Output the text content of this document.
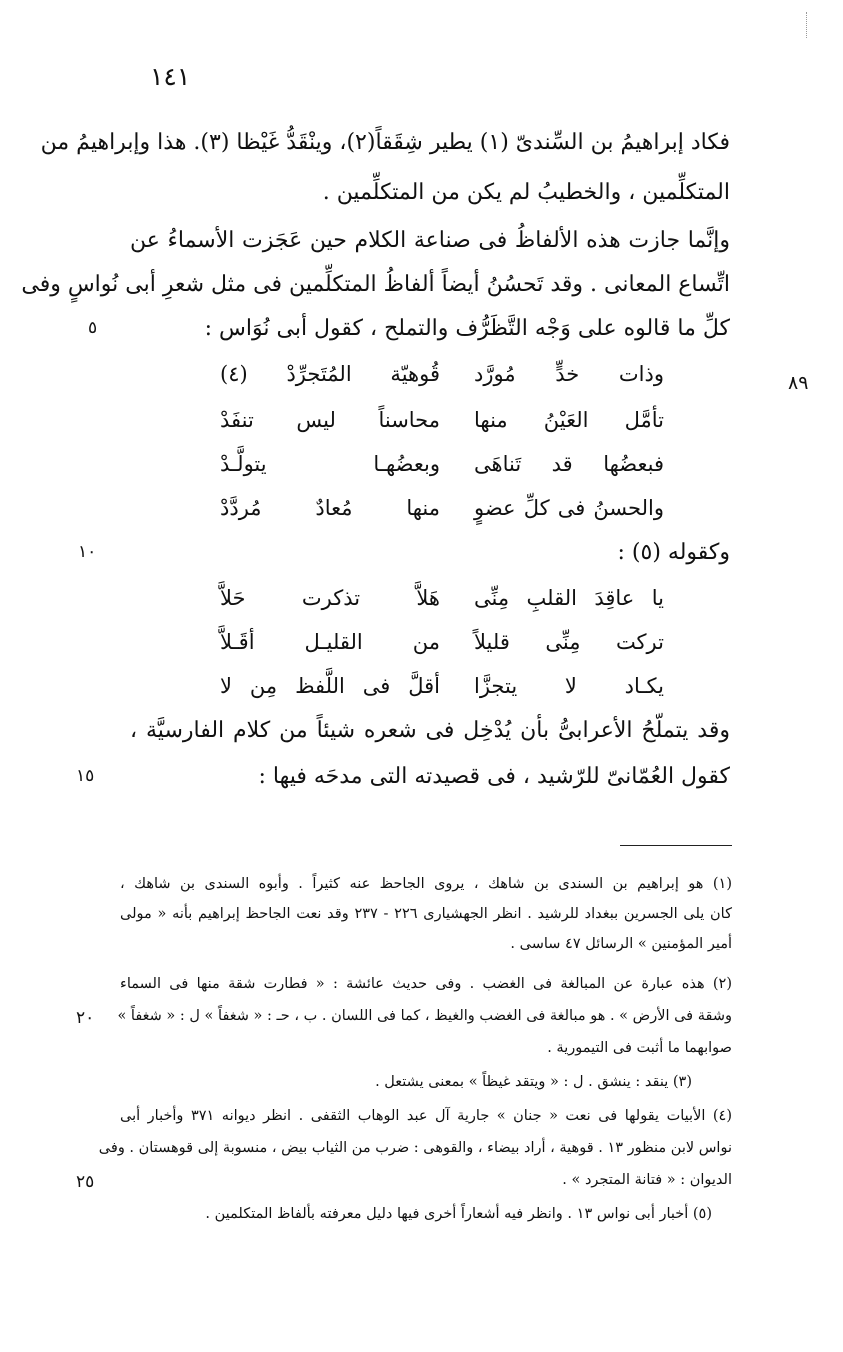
١٤١
٨٩
٥
١٠
١٥
٢٠
٢٥
فكاد إبراهيمُ بن السِّندىّ (١) يطير شِقَقاً(٢)، وينْقَدُّ غَيْظا (٣). هذا وإبراهيمُ من
المتكلِّمين ، والخطيبُ لم يكن من المتكلِّمين .
وإنَّما جازت هذه الألفاظُ فى صناعة الكلام حين عَجَزت الأسماءُ عن
اتِّساع المعانى . وقد تَحسُنُ أيضاً ألفاظُ المتكلِّمين فى مثل شعرِ أبى نُواسٍ وفى
كلِّ ما قالوه على وَجْه التَّظَرُّف والتملح ، كقول أبى نُوَاس :
وذات خدٍّ مُورَّد
قُوهيّة المُتَجرِّدْ (٤)
تأمَّل العَيْنُ منها
محاسناً ليس تنفَدْ
فبعضُها قد تَناهَى
وبعضُهـا يتولَّـدْ
والحسنُ فى كلِّ عضوٍ
منها مُعادٌ مُردَّدْ
وكقوله (٥) :
يا عاقِدَ القلبِ مِنِّى
هَلاَّ تذكرت حَلاَّ
تركت مِنِّى قليلاً
من القليـل أقَـلاَّ
يكـاد لا يتجزَّا
أقلَّ فى اللَّفظ مِن لا
وقد يتملّحُ الأعرابىُّ بأن يُدْخِل فى شعره شيئاً من كلام الفارسيَّة ،
كقول العُمّانىّ للرّشيد ، فى قصيدته التى مدحَه فيها :
(١) هو إبراهيم بن السندى بن شاهك ، يروى الجاحظ عنه كثيراً . وأبوه السندى بن شاهك ،
كان يلى الجسرين ببغداد للرشيد . انظر الجهشيارى ٢٢٦ - ٢٣٧ وقد نعت الجاحظ إبراهيم بأنه « مولى
أمير المؤمنين » الرسائل ٤٧ ساسى .
(٢) هذه عبارة عن المبالغة فى الغضب . وفى حديث عائشة : « فطارت شقة منها فى السماء
وشقة فى الأرض » . هو مبالغة فى الغضب والغيظ ، كما فى اللسان . ب ، حـ : « شغفاً » ل : « شغفاً »
صوابهما ما أثبت فى التيمورية .
(٣) ينقد : ينشق . ل : « ويتقد غيظاً » بمعنى يشتعل .
(٤) الأبيات يقولها فى نعت « جنان » جارية آل عبد الوهاب الثقفى . انظر ديوانه ٣٧١ وأخبار أبى
نواس لابن منظور ١٣ . قوهية ، أراد بيضاء ، والقوهى : ضرب من الثياب بيض ، منسوبة إلى قوهستان . وفى
الديوان : « فتانة المتجرد » .
(٥) أخبار أبى نواس ١٣ . وانظر فيه أشعاراً أخرى فيها دليل معرفته بألفاظ المتكلمين .
